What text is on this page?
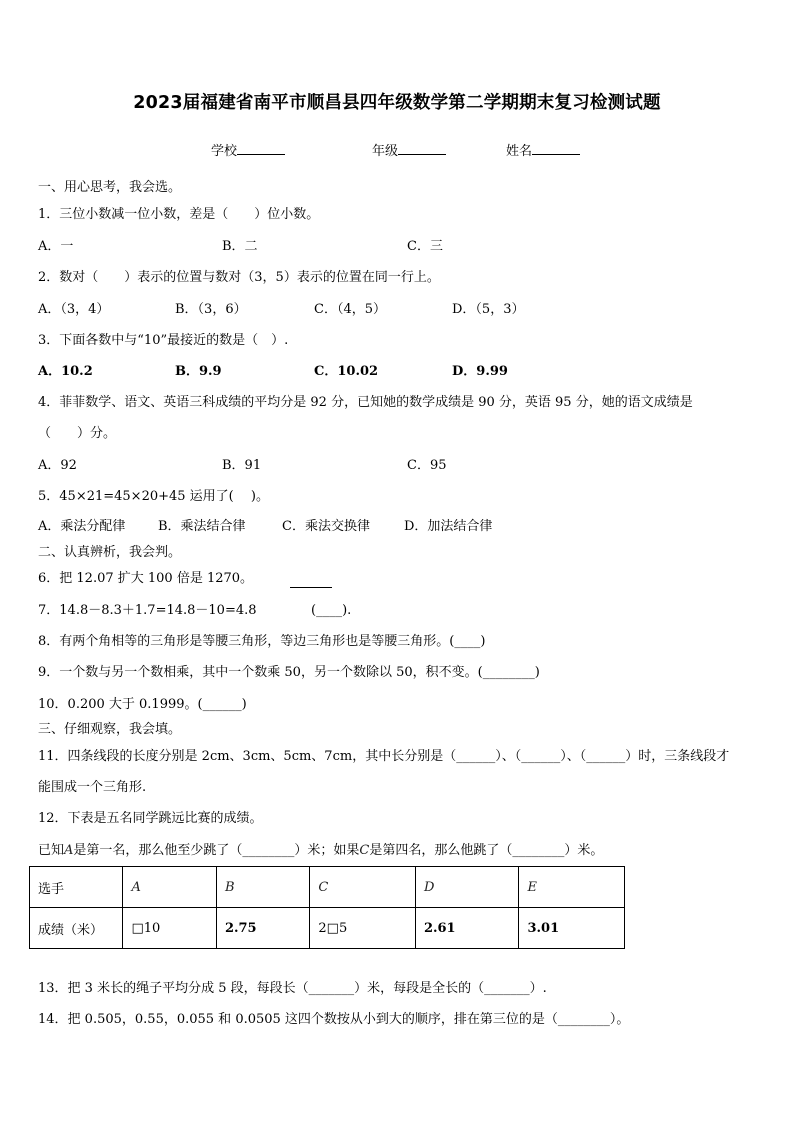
2023届福建省南平市顺昌县四年级数学第二学期期末复习检测试题
学校	年级	姓名
一、用心思考，我会选。
1．三位小数减一位小数，差是（　　）位小数。
A．一	B．二	C．三
2．数对（　　）表示的位置与数对（3，5）表示的位置在同一行上。
A．（3，4）	B．（3，6）	C．（4，5）	D．（5，3）
3．下面各数中与“10”最接近的数是（　）.
A．10.2	B．9.9	C．10.02	D．9.99
4．菲菲数学、语文、英语三科成绩的平均分是 92 分，已知她的数学成绩是 90 分，英语 95 分，她的语文成绩是
（　　）分。
A．92	B．91	C．95
5．45×21=45×20+45 运用了(　 )。
A．乘法分配律	B．乘法结合律	C．乘法交换律	D．加法结合律
二、认真辨析，我会判。
6．把 12.07 扩大 100 倍是 1270。
7．14.8－8.3＋1.7=14.8－10=4.8	(____).
8．有两个角相等的三角形是等腰三角形，等边三角形也是等腰三角形。(____)
9．一个数与另一个数相乘，其中一个数乘 50，另一个数除以 50，积不变。(________)
10．0.200 大于 0.1999。(______)
三、仔细观察，我会填。
11．四条线段的长度分别是 2cm、3cm、5cm、7cm，其中长分别是（______）、（______）、（______）时，三条线段才
能围成一个三角形.
12．下表是五名同学跳远比赛的成绩。
已知A是第一名，那么他至少跳了（________）米；如果C是第四名，那么他跳了（________）米。
选手	A	B	C	D	E
成绩（米）	□10	2.75	2□5	2.61	3.01
13．把 3 米长的绳子平均分成 5 段，每段长（_______）米，每段是全长的（_______）.
14．把 0.505，0.55，0.055 和 0.0505 这四个数按从小到大的顺序，排在第三位的是（________）。
